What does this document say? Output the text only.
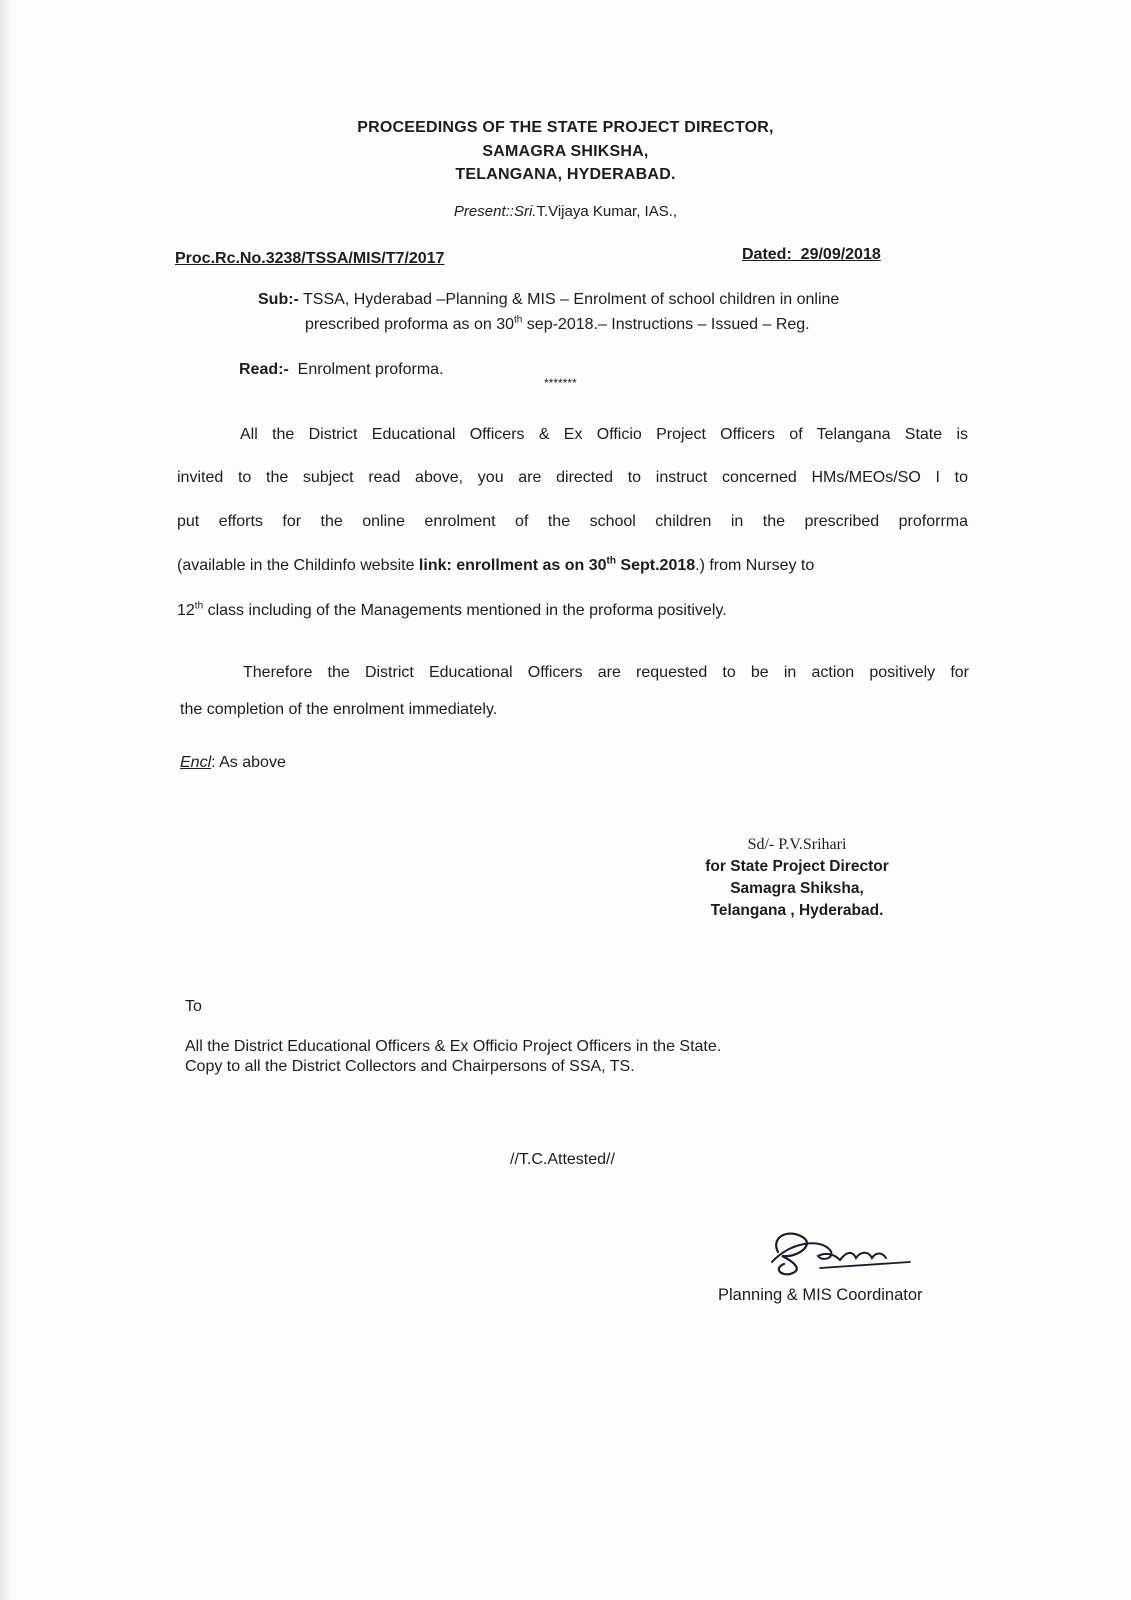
PROCEEDINGS OF THE STATE PROJECT DIRECTOR,
SAMAGRA SHIKSHA,
TELANGANA, HYDERABAD.
Present::Sri.T.Vijaya Kumar, IAS.,
Proc.Rc.No.3238/TSSA/MIS/T7/2017	Dated: 29/09/2018
Sub:- TSSA, Hyderabad –Planning & MIS – Enrolment of school children in online
prescribed proforma as on 30th sep-2018.– Instructions – Issued – Reg.
Read:- Enrolment proforma.
*******
All the District Educational Officers & Ex Officio Project Officers of Telangana State is
invited to the subject read above, you are directed to instruct concerned HMs/MEOs/SO I to
put efforts for the online enrolment of the school children in the prescribed proforrma
(available in the Childinfo website link: enrollment as on 30th Sept.2018.) from Nursey to
12th class including of the Managements mentioned in the proforma positively.
Therefore the District Educational Officers are requested to be in action positively for
the completion of the enrolment immediately.
Encl: As above
Sd/- P.V.Srihari
for State Project Director
Samagra Shiksha,
Telangana , Hyderabad.
To
All the District Educational Officers & Ex Officio Project Officers in the State.
Copy to all the District Collectors and Chairpersons of SSA, TS.
//T.C.Attested//
Planning & MIS Coordinator
